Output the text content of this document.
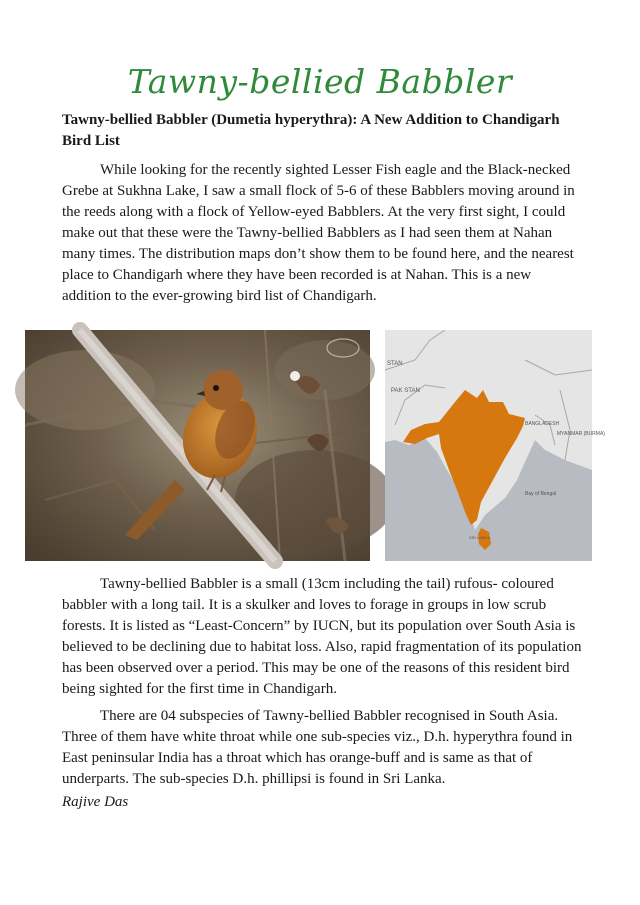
Tawny-bellied Babbler
Tawny-bellied Babbler (Dumetia hyperythra): A New Addition to Chandigarh Bird List

While looking for the recently sighted Lesser Fish eagle and the Black-necked Grebe at Sukhna Lake, I saw a small flock of 5-6 of these Babblers moving around in the reeds along with a flock of Yellow-eyed Babblers. At the very first sight, I could make out that these were the Tawny-bellied Babblers as I had seen them at Nahan many times. The distribution maps don’t show them to be found here, and the nearest place to Chandigarh where they have been recorded is at Nahan. This is a new addition to the ever-growing bird list of Chandigarh.

STAN
PAK STAN
BANGLADESH
MYANMAR (BURMA)
Bay of Bengal
SRI LANKA

Tawny-bellied Babbler is a small (13cm including the tail) rufous- coloured babbler with a long tail. It is a skulker and loves to forage in groups in low scrub forests. It is listed as “Least-Concern” by IUCN, but its population over South Asia is believed to be declining due to habitat loss. Also, rapid fragmentation of its population has been observed over a period. This may be one of the reasons of this resident bird being sighted for the first time in Chandigarh.

There are 04 subspecies of Tawny-bellied Babbler recognised in South Asia. Three of them have white throat while one sub-species viz., D.h. hyperythra found in East peninsular India has a throat which has orange-buff and is same as that of underparts. The sub-species D.h. phillipsi is found in Sri Lanka.

Rajive Das
